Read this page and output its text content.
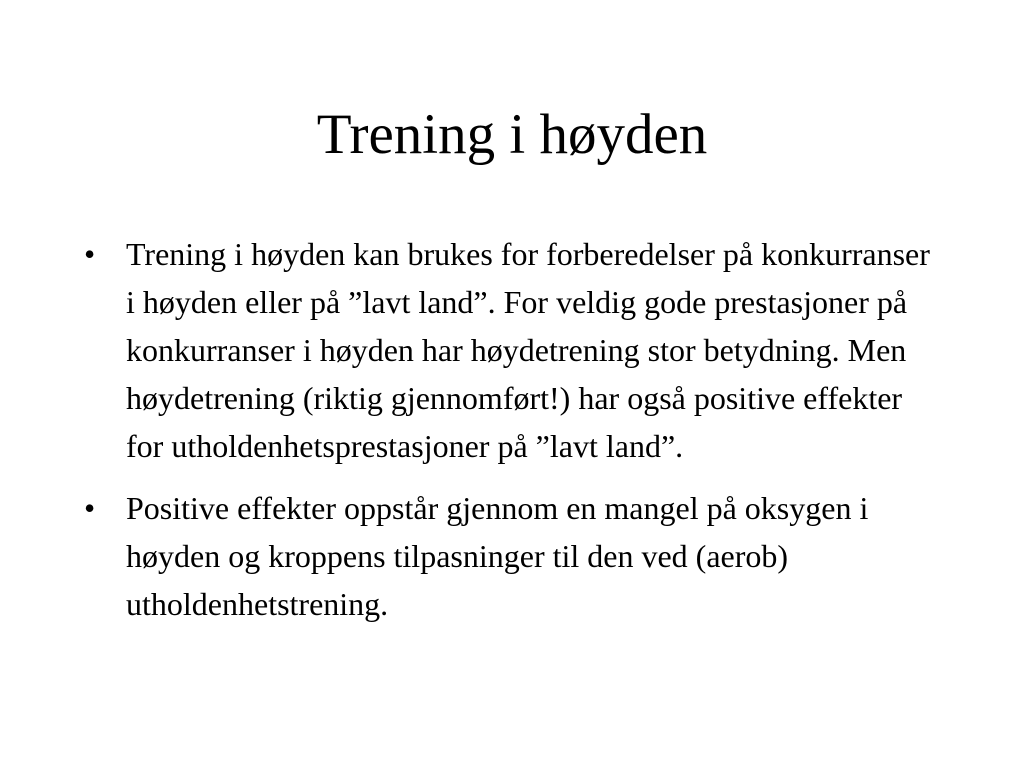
Trening i høyden
• Trening i høyden kan brukes for forberedelser på konkurranser i høyden eller på ”lavt land”. For veldig gode prestasjoner på konkurranser i høyden har høydetrening stor betydning. Men høydetrening (riktig gjennomført!) har også positive effekter for utholdenhetsprestasjoner på ”lavt land”.
• Positive effekter oppstår gjennom en mangel på oksygen i høyden og kroppens tilpasninger til den ved (aerob) utholdenhetstrening.
